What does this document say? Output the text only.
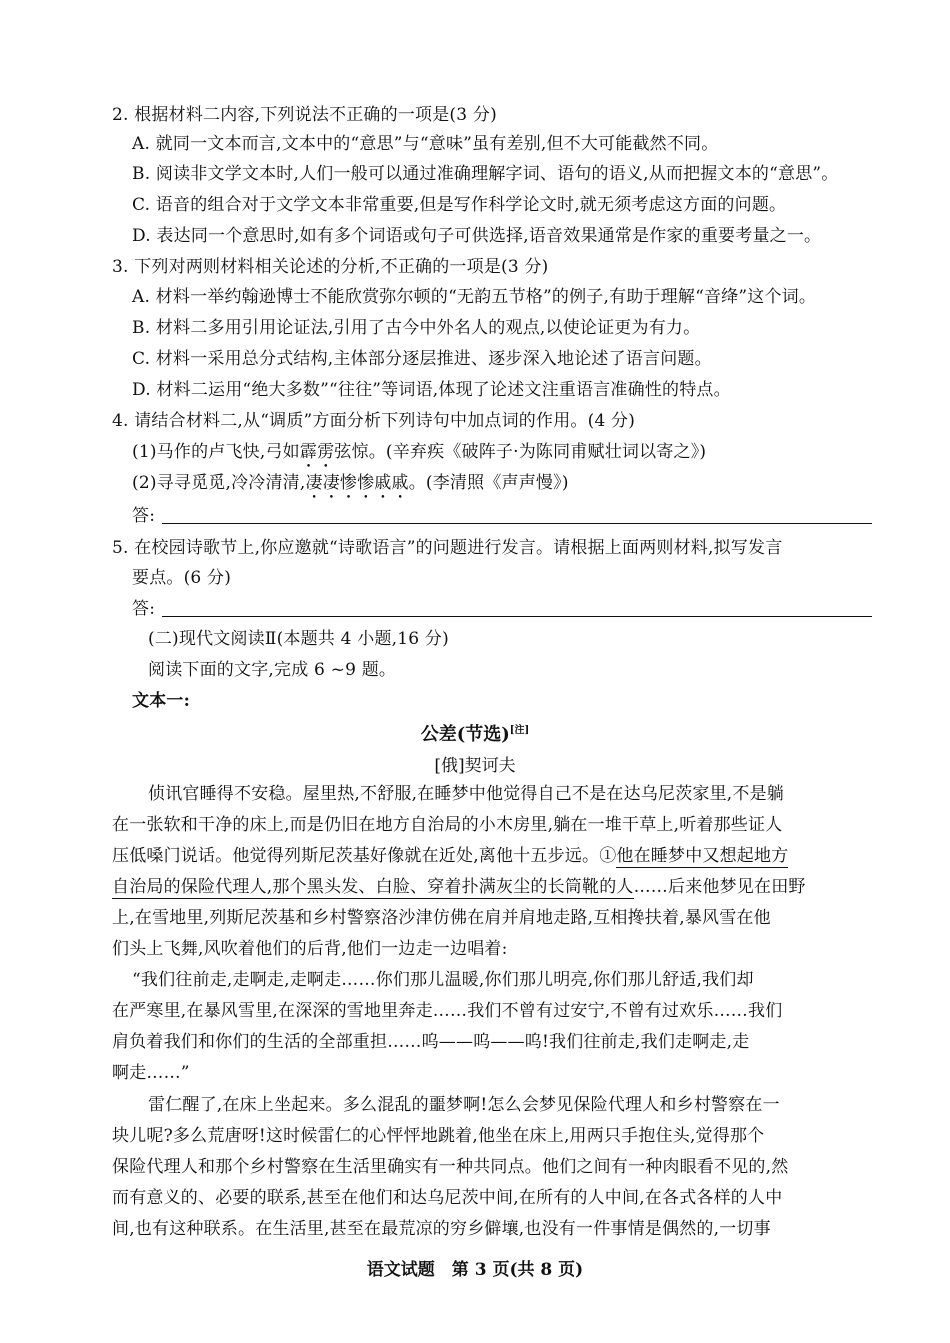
2. 根据材料二内容,下列说法不正确的一项是(3 分)
A. 就同一文本而言,文本中的“意思”与“意味”虽有差别,但不大可能截然不同。
B. 阅读非文学文本时,人们一般可以通过准确理解字词、语句的语义,从而把握文本的“意思”。
C. 语音的组合对于文学文本非常重要,但是写作科学论文时,就无须考虑这方面的问题。
D. 表达同一个意思时,如有多个词语或句子可供选择,语音效果通常是作家的重要考量之一。
3. 下列对两则材料相关论述的分析,不正确的一项是(3 分)
A. 材料一举约翰逊博士不能欣赏弥尔顿的“无韵五节格”的例子,有助于理解“音绛”这个词。
B. 材料二多用引用论证法,引用了古今中外名人的观点,以使论证更为有力。
C. 材料一采用总分式结构,主体部分逐层推进、逐步深入地论述了语言问题。
D. 材料二运用“绝大多数”“往往”等词语,体现了论述文注重语言准确性的特点。
4. 请结合材料二,从“调质”方面分析下列诗句中加点词的作用。(4 分)
(1)马作的卢飞快,弓如霹雳弦惊。(辛弃疾《破阵子·为陈同甫赋壮词以寄之》)
(2)寻寻觅觅,冷冷清清,凄凄惨惨戚戚。(李清照《声声慢》)
答:
5. 在校园诗歌节上,你应邀就“诗歌语言”的问题进行发言。请根据上面两则材料,拟写发言
要点。(6 分)
答:
(二)现代文阅读Ⅱ(本题共 4 小题,16 分)
阅读下面的文字,完成 6 ~9 题。
文本一:
公差(节选)[注]
[俄]契诃夫
侦讯官睡得不安稳。屋里热,不舒服,在睡梦中他觉得自己不是在达乌尼茨家里,不是躺
在一张软和干净的床上,而是仍旧在地方自治局的小木房里,躺在一堆干草上,听着那些证人
压低嗓门说话。他觉得列斯尼茨基好像就在近处,离他十五步远。①他在睡梦中又想起地方
自治局的保险代理人,那个黑头发、白脸、穿着扑满灰尘的长筒靴的人……后来他梦见在田野
上,在雪地里,列斯尼茨基和乡村警察洛沙津仿佛在肩并肩地走路,互相搀扶着,暴风雪在他
们头上飞舞,风吹着他们的后背,他们一边走一边唱着:
“我们往前走,走啊走,走啊走……你们那儿温暖,你们那儿明亮,你们那儿舒适,我们却
在严寒里,在暴风雪里,在深深的雪地里奔走……我们不曾有过安宁,不曾有过欢乐……我们
肩负着我们和你们的生活的全部重担……呜——呜——呜!我们往前走,我们走啊走,走
啊走……”
雷仁醒了,在床上坐起来。多么混乱的噩梦啊!怎么会梦见保险代理人和乡村警察在一
块儿呢?多么荒唐呀!这时候雷仁的心怦怦地跳着,他坐在床上,用两只手抱住头,觉得那个
保险代理人和那个乡村警察在生活里确实有一种共同点。他们之间有一种肉眼看不见的,然
而有意义的、必要的联系,甚至在他们和达乌尼茨中间,在所有的人中间,在各式各样的人中
间,也有这种联系。在生活里,甚至在最荒凉的穷乡僻壤,也没有一件事情是偶然的,一切事
语文试题　第 3 页(共 8 页)
